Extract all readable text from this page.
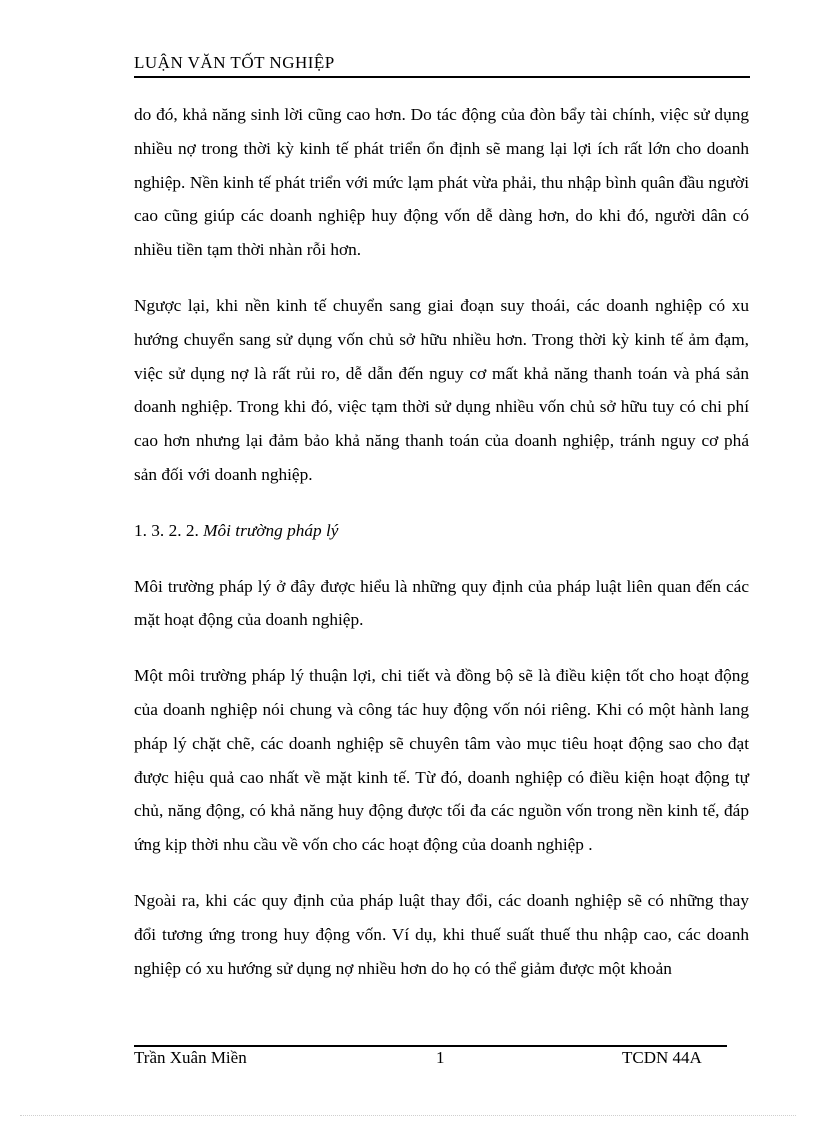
LUẬN VĂN TỐT NGHIỆP

do đó, khả năng sinh lời cũng cao hơn. Do tác động của đòn bẩy tài chính, việc sử dụng nhiều nợ trong thời kỳ kinh tế phát triển ổn định sẽ mang lại lợi ích rất lớn cho doanh nghiệp. Nền kinh tế phát triển với mức lạm phát vừa phải, thu nhập bình quân đầu người cao cũng giúp các doanh nghiệp huy động vốn dễ dàng hơn, do khi đó, người dân có nhiều tiền tạm thời nhàn rỗi hơn.

Ngược lại, khi nền kinh tế chuyển sang giai đoạn suy thoái, các doanh nghiệp có xu hướng chuyển sang sử dụng vốn chủ sở hữu nhiều hơn. Trong thời kỳ kinh tế ảm đạm, việc sử dụng nợ là rất rủi ro, dễ dẫn đến nguy cơ mất khả năng thanh toán và phá sản doanh nghiệp. Trong khi đó, việc tạm thời sử dụng nhiều vốn chủ sở hữu tuy có chi phí cao hơn nhưng lại đảm bảo khả năng thanh toán của doanh nghiệp, tránh nguy cơ phá sản đối với doanh nghiệp.

1. 3. 2. 2. Môi trường pháp lý

Môi trường pháp lý ở đây được hiểu là những quy định của pháp luật liên quan đến các mặt hoạt động của doanh nghiệp.

Một môi trường pháp lý thuận lợi, chi tiết và đồng bộ sẽ là điều kiện tốt cho hoạt động của doanh nghiệp nói chung và công tác huy động vốn nói riêng. Khi có một hành lang pháp lý chặt chẽ, các doanh nghiệp sẽ chuyên tâm vào mục tiêu hoạt động sao cho đạt được hiệu quả cao nhất về mặt kinh tế. Từ đó, doanh nghiệp có điều kiện hoạt động tự chủ, năng động, có khả năng huy động được tối đa các nguồn vốn trong nền kinh tế, đáp ứng kịp thời nhu cầu về vốn cho các hoạt động của doanh nghiệp .

Ngoài ra, khi các quy định của pháp luật thay đổi, các doanh nghiệp sẽ có những thay đổi tương ứng trong huy động vốn. Ví dụ, khi thuế suất thuế thu nhập cao, các doanh nghiệp có xu hướng sử dụng nợ nhiều hơn do họ có thể giảm được một khoản

Trần Xuân Miền	1	TCDN 44A
